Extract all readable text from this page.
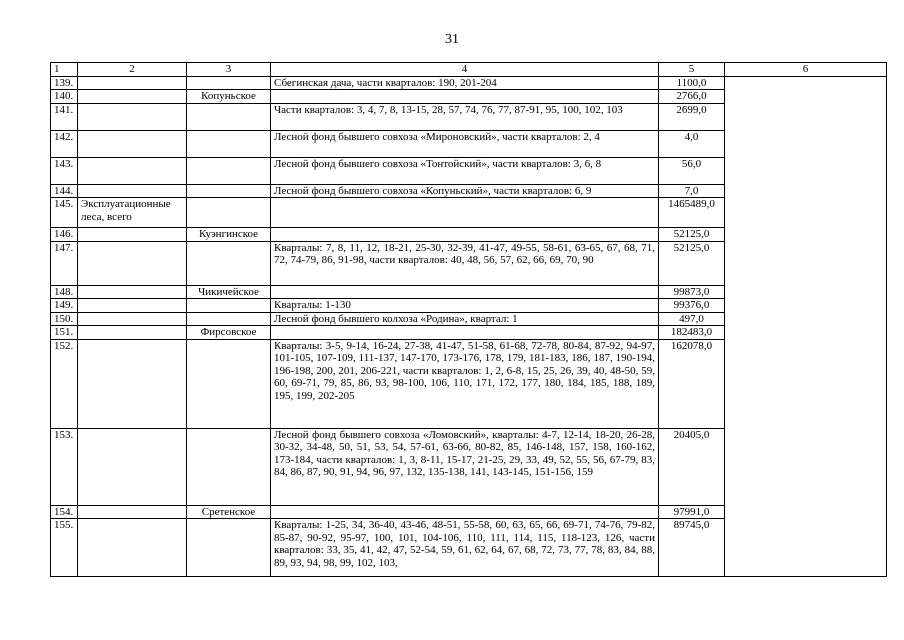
31
1	2	3	4	5	6
139.			Сбегинская дача, части кварталов: 190, 201-204	1100,0	
140.		Копуньское		2766,0	
141.			Части кварталов: 3, 4, 7, 8, 13-15, 28, 57, 74, 76, 77, 87-91, 95, 100, 102, 103	2699,0	
142.			Лесной фонд бывшего совхоза «Мироновский», части кварталов: 2, 4	4,0	
143.			Лесной фонд бывшего совхоза «Тонтойский», части кварталов: 3, 6, 8	56,0	
144.			Лесной фонд бывшего совхоза «Копуньский», части кварталов: 6, 9	7,0	
145.	Эксплуатационные леса, всего			1465489,0	
146.		Куэнгинское		52125,0	
147.			Кварталы: 7, 8, 11, 12, 18-21, 25-30, 32-39, 41-47, 49-55, 58-61, 63-65, 67, 68, 71, 72, 74-79, 86, 91-98, части кварталов: 40, 48, 56, 57, 62, 66, 69, 70, 90	52125,0	
148.		Чикичейское		99873,0	
149.			Кварталы: 1-130	99376,0	
150.			Лесной фонд бывшего колхоза «Родина», квартал: 1	497,0	
151.		Фирсовское		182483,0	
152.			Кварталы: 3-5, 9-14, 16-24, 27-38, 41-47, 51-58, 61-68, 72-78, 80-84, 87-92, 94-97, 101-105, 107-109, 111-137, 147-170, 173-176, 178, 179, 181-183, 186, 187, 190-194, 196-198, 200, 201, 206-221, части кварталов: 1, 2, 6-8, 15, 25, 26, 39, 40, 48-50, 59, 60, 69-71, 79, 85, 86, 93, 98-100, 106, 110, 171, 172, 177, 180, 184, 185, 188, 189, 195, 199, 202-205	162078,0	
153.			Лесной фонд бывшего совхоза «Ломовский», кварталы: 4-7, 12-14, 18-20, 26-28, 30-32, 34-48, 50, 51, 53, 54, 57-61, 63-66, 80-82, 85, 146-148, 157, 158, 160-162, 173-184, части кварталов: 1, 3, 8-11, 15-17, 21-25, 29, 33, 49, 52, 55, 56, 67-79, 83, 84, 86, 87, 90, 91, 94, 96, 97, 132, 135-138, 141, 143-145, 151-156, 159	20405,0	
154.		Сретенское		97991,0	
155.			Кварталы: 1-25, 34, 36-40, 43-46, 48-51, 55-58, 60, 63, 65, 66, 69-71, 74-76, 79-82, 85-87, 90-92, 95-97, 100, 101, 104-106, 110, 111, 114, 115, 118-123, 126, части кварталов: 33, 35, 41, 42, 47, 52-54, 59, 61, 62, 64, 67, 68, 72, 73, 77, 78, 83, 84, 88, 89, 93, 94, 98, 99, 102, 103,	89745,0	
